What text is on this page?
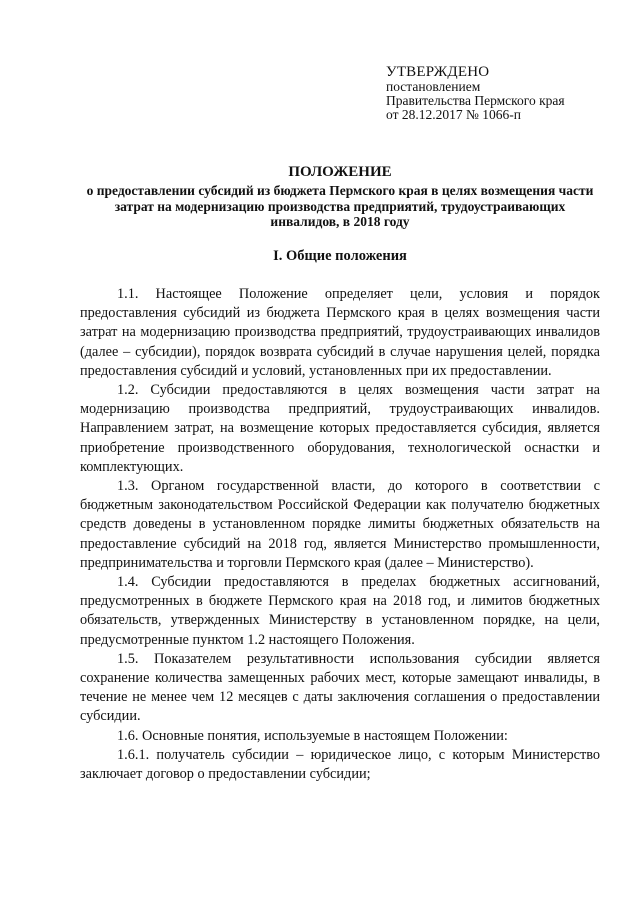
УТВЕРЖДЕНО
постановлением
Правительства Пермского края
от 28.12.2017 № 1066-п
ПОЛОЖЕНИЕ
о предоставлении субсидий из бюджета Пермского края в целях возмещения части затрат на модернизацию производства предприятий, трудоустраивающих инвалидов, в 2018 году
I. Общие положения

1.1. Настоящее Положение определяет цели, условия и порядок предоставления субсидий из бюджета Пермского края в целях возмещения части затрат на модернизацию производства предприятий, трудоустраивающих инвалидов (далее – субсидии), порядок возврата субсидий в случае нарушения целей, порядка предоставления субсидий и условий, установленных при их предоставлении.

1.2. Субсидии предоставляются в целях возмещения части затрат на модернизацию производства предприятий, трудоустраивающих инвалидов. Направлением затрат, на возмещение которых предоставляется субсидия, является приобретение производственного оборудования, технологической оснастки и комплектующих.

1.3. Органом государственной власти, до которого в соответствии с бюджетным законодательством Российской Федерации как получателю бюджетных средств доведены в установленном порядке лимиты бюджетных обязательств на предоставление субсидий на 2018 год, является Министерство промышленности, предпринимательства и торговли Пермского края (далее – Министерство).

1.4. Субсидии предоставляются в пределах бюджетных ассигнований, предусмотренных в бюджете Пермского края на 2018 год, и лимитов бюджетных обязательств, утвержденных Министерству в установленном порядке, на цели, предусмотренные пунктом 1.2 настоящего Положения.

1.5. Показателем результативности использования субсидии является сохранение количества замещенных рабочих мест, которые замещают инвалиды, в течение не менее чем 12 месяцев с даты заключения соглашения о предоставлении субсидии.

1.6. Основные понятия, используемые в настоящем Положении:

1.6.1. получатель субсидии – юридическое лицо, с которым Министерство заключает договор о предоставлении субсидии;
